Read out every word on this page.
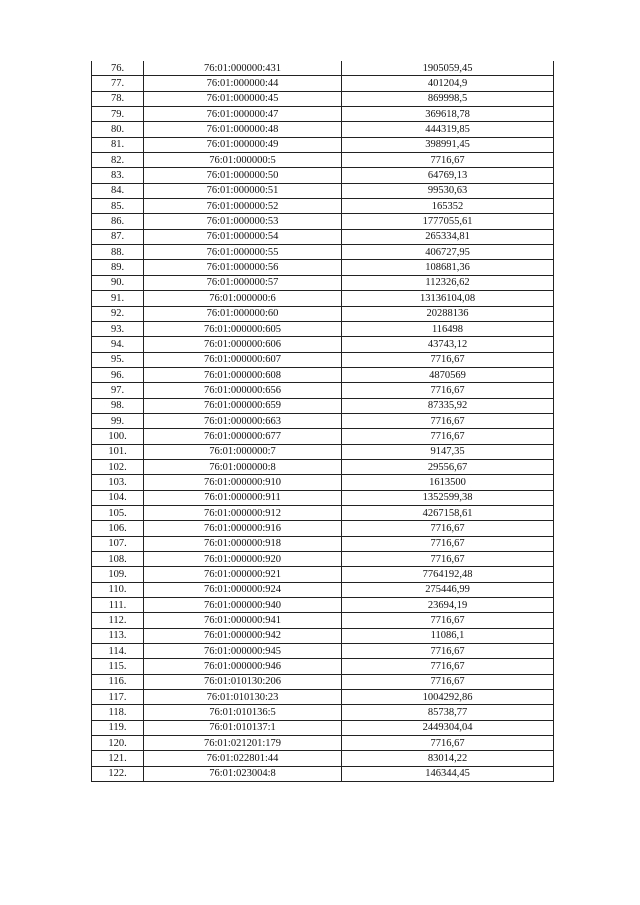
76.	76:01:000000:431	1905059,45
77.	76:01:000000:44	401204,9
78.	76:01:000000:45	869998,5
79.	76:01:000000:47	369618,78
80.	76:01:000000:48	444319,85
81.	76:01:000000:49	398991,45
82.	76:01:000000:5	7716,67
83.	76:01:000000:50	64769,13
84.	76:01:000000:51	99530,63
85.	76:01:000000:52	165352
86.	76:01:000000:53	1777055,61
87.	76:01:000000:54	265334,81
88.	76:01:000000:55	406727,95
89.	76:01:000000:56	108681,36
90.	76:01:000000:57	112326,62
91.	76:01:000000:6	13136104,08
92.	76:01:000000:60	20288136
93.	76:01:000000:605	116498
94.	76:01:000000:606	43743,12
95.	76:01:000000:607	7716,67
96.	76:01:000000:608	4870569
97.	76:01:000000:656	7716,67
98.	76:01:000000:659	87335,92
99.	76:01:000000:663	7716,67
100.	76:01:000000:677	7716,67
101.	76:01:000000:7	9147,35
102.	76:01:000000:8	29556,67
103.	76:01:000000:910	1613500
104.	76:01:000000:911	1352599,38
105.	76:01:000000:912	4267158,61
106.	76:01:000000:916	7716,67
107.	76:01:000000:918	7716,67
108.	76:01:000000:920	7716,67
109.	76:01:000000:921	7764192,48
110.	76:01:000000:924	275446,99
111.	76:01:000000:940	23694,19
112.	76:01:000000:941	7716,67
113.	76:01:000000:942	11086,1
114.	76:01:000000:945	7716,67
115.	76:01:000000:946	7716,67
116.	76:01:010130:206	7716,67
117.	76:01:010130:23	1004292,86
118.	76:01:010136:5	85738,77
119.	76:01:010137:1	2449304,04
120.	76:01:021201:179	7716,67
121.	76:01:022801:44	83014,22
122.	76:01:023004:8	146344,45
